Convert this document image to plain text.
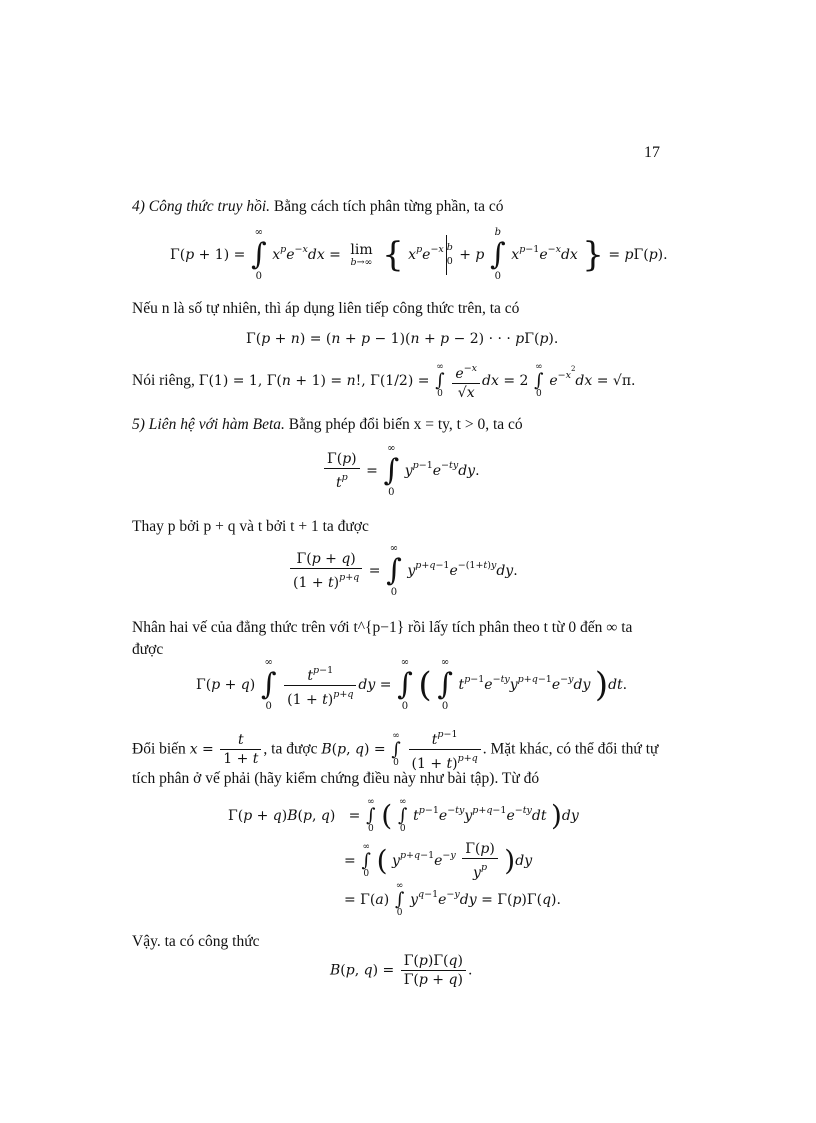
17
4) Công thức truy hồi. Bằng cách tích phân từng phần, ta có
Γ(p + 1) =
∞
∫
0
$x^pe^{-x}dx = \lim$
b→∞ { $x^pe^{-x}$ b
0 + p
b
∫
0
$x^{p-1}e^{-x}dx$ } = pΓ(p).
Nếu n là số tự nhiên, thì áp dụng liên tiếp công thức trên, ta có
Γ(p + n) = (n + p − 1)(n + p − 2) · · · pΓ(p).
Nói riêng, Γ(1) = 1, Γ(n + 1) = n!, Γ(1/2) =
∞
∫
0
$\frac{e^{-x}}{√x}$ dx = 2
∞
∫
0
$e^{-x^2}dx = √\pi$.
5) Liên hệ với hàm Beta. Bằng phép đổi biến x = ty, t > 0, ta có
$\frac{\Gamma(p)}{t^p}$ =
∞
∫
0
$y^{p-1}e^{-ty}dy$.
Thay p bởi p + q và t bởi t + 1 ta được
$\frac{\Gamma(p + q)}{(1 + t)^{p+q}}$ =
∞
∫
0
$y^{p+q-1}e^{-(1+t)y}dy$.
Nhân hai vế của đẳng thức trên với t^{p−1} rồi lấy tích phân theo t từ 0 đến ∞ ta
được
Γ(p + q)
∞
∫
0
$\frac{t^{p-1}}{(1 + t)^{p+q}}$ dy =
∞
∫
0
(
∞
∫
0
$t^{p-1}e^{-ty}y^{p+q-1}e^{-y}dy$ )dt.
Đổi biến $x = \frac{t}{1 + t}$ , ta được B(p, q) =
∞
∫
0
$\frac{t^{p-1}}{(1 + t)^{p+q}}$ . Mặt khác, có thể đổi thứ tự
tích phân ở vế phải (hãy kiểm chứng điều này như bài tập). Từ đó
Γ(p + q)B(p, q)   =
∞
∫
0 ( ∞
∫
0
$t^{p-1}e^{-ty}y^{p+q-1}e^{-ty}dt$ )dy
=
∞
∫
0 ( $y^{p+q-1}e^{-y} \frac{\Gamma(p)}{y^p} )dy$
= Γ(a)
∞
∫
0
$y^{q-1}e^{-y}dy = \Gamma(p)\Gamma(q)$.
Vậy. ta có công thức
B(p, $q) = \frac{\Gamma(p)\Gamma(q)}{\Gamma(p + q)}$ .
